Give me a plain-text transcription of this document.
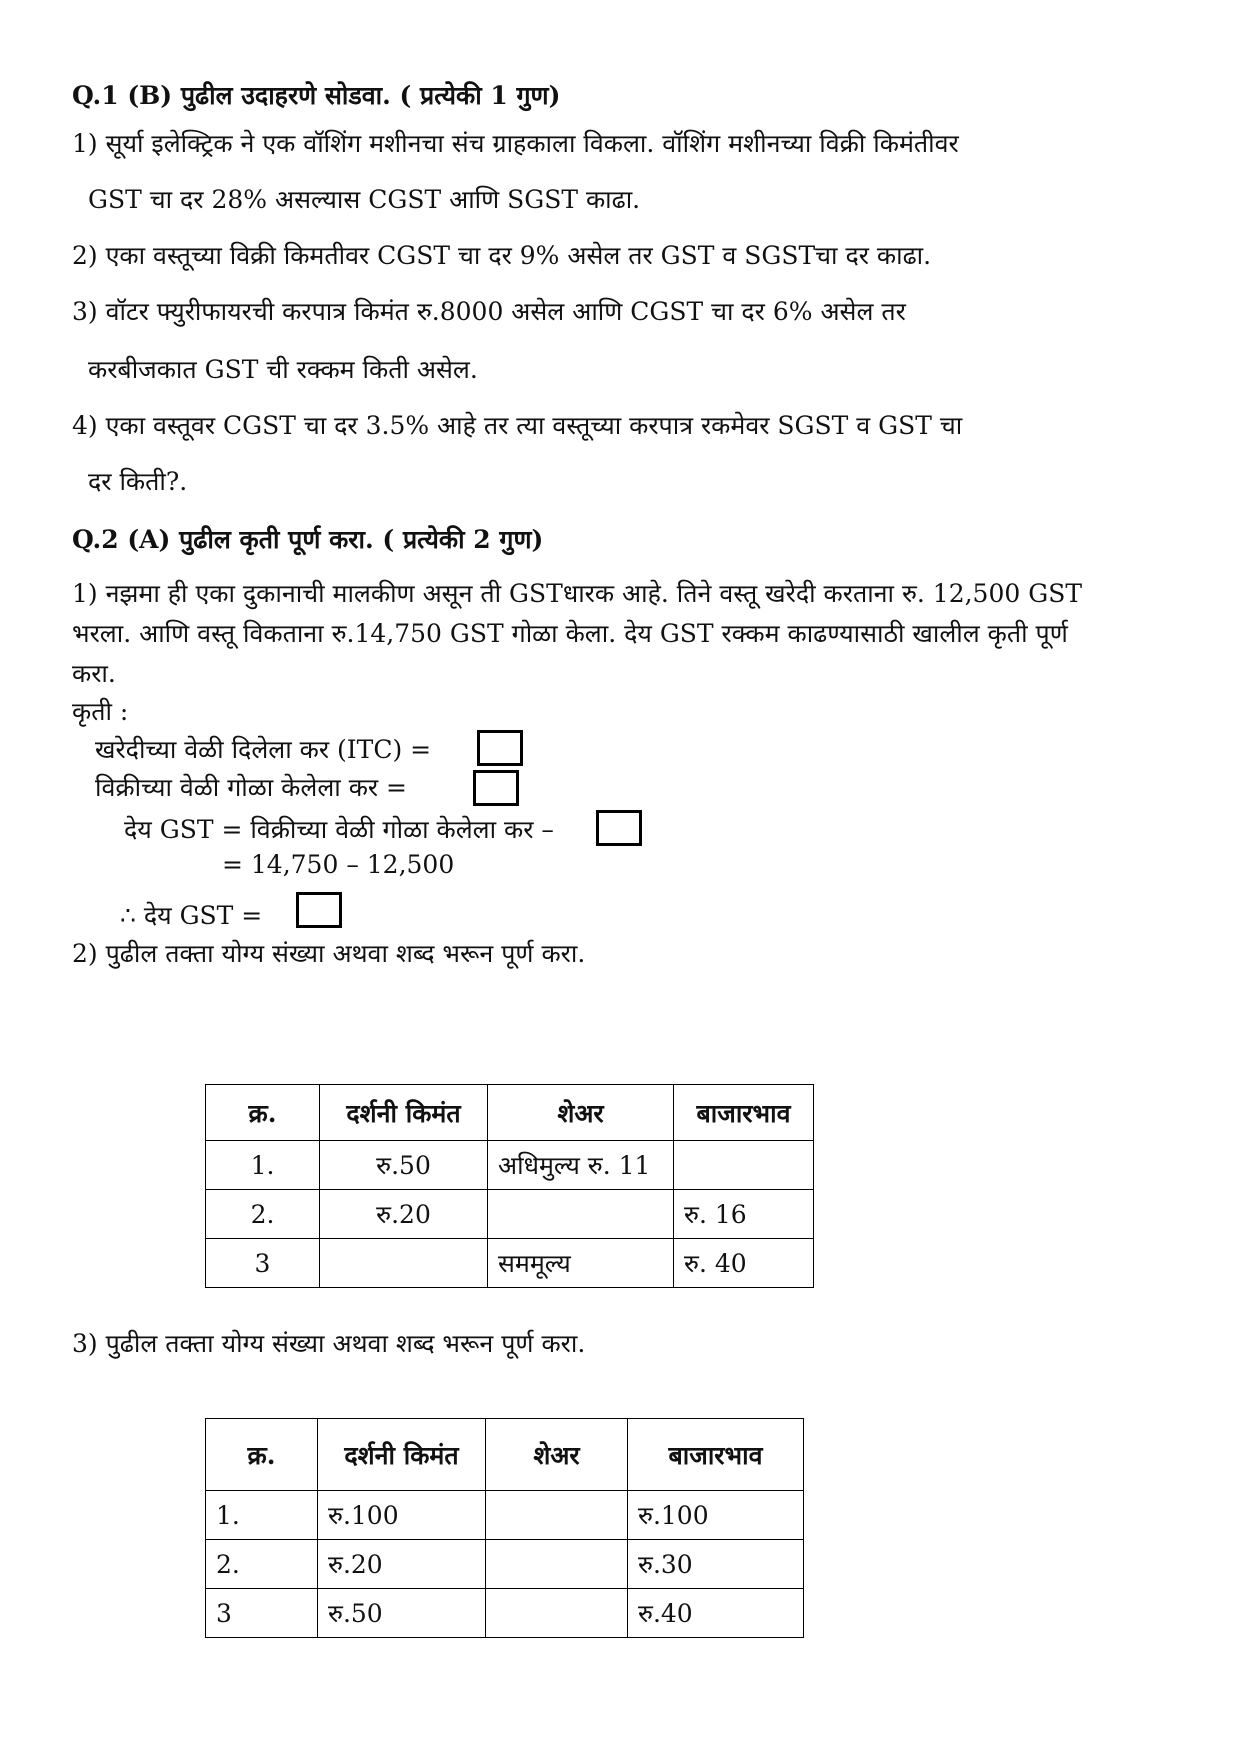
Q.1 (B) पुढील उदाहरणे सोडवा. ( प्रत्येकी 1 गुण)
1) सूर्या इलेक्ट्रिक ने एक वॉशिंग मशीनचा संच ग्राहकाला विकला. वॉशिंग मशीनच्या विक्री किमंतीवर
GST चा दर 28% असल्यास CGST आणि SGST काढा.
2) एका वस्तूच्या विक्री किमतीवर CGST चा दर 9% असेल तर GST व SGSTचा दर काढा.
3) वॉटर फ्युरीफायरची करपात्र किमंत रु.8000 असेल आणि CGST चा दर 6% असेल तर
करबीजकात GST ची रक्कम किती असेल.
4) एका वस्तूवर CGST चा दर 3.5% आहे तर त्या वस्तूच्या करपात्र रकमेवर SGST व GST चा
दर किती?.
Q.2 (A) पुढील कृती पूर्ण करा. ( प्रत्येकी 2 गुण)
1) नझमा ही एका दुकानाची मालकीण असून ती GSTधारक आहे. तिने वस्तू खरेदी करताना रु. 12,500 GST
भरला. आणि वस्तू विकताना रु.14,750 GST गोळा केला. देय GST रक्कम काढण्यासाठी खालील कृती पूर्ण
करा.
कृती :
खरेदीच्या वेळी दिलेला कर (ITC) =
विक्रीच्या वेळी गोळा केलेला कर =
देय GST = विक्रीच्या वेळी गोळा केलेला कर –
= 14,750 – 12,500
∴ देय GST =
2) पुढील तक्ता योग्य संख्या अथवा शब्द भरून पूर्ण करा.
क्र.	दर्शनी किमंत	शेअर	बाजारभाव
1.	रु.50	अधिमुल्य रु. 11	
2.	रु.20		रु. 16
3		सममूल्य	रु. 40
3) पुढील तक्ता योग्य संख्या अथवा शब्द भरून पूर्ण करा.
क्र.	दर्शनी किमंत	शेअर	बाजारभाव
1.	रु.100		रु.100
2.	रु.20		रु.30
3	रु.50		रु.40
